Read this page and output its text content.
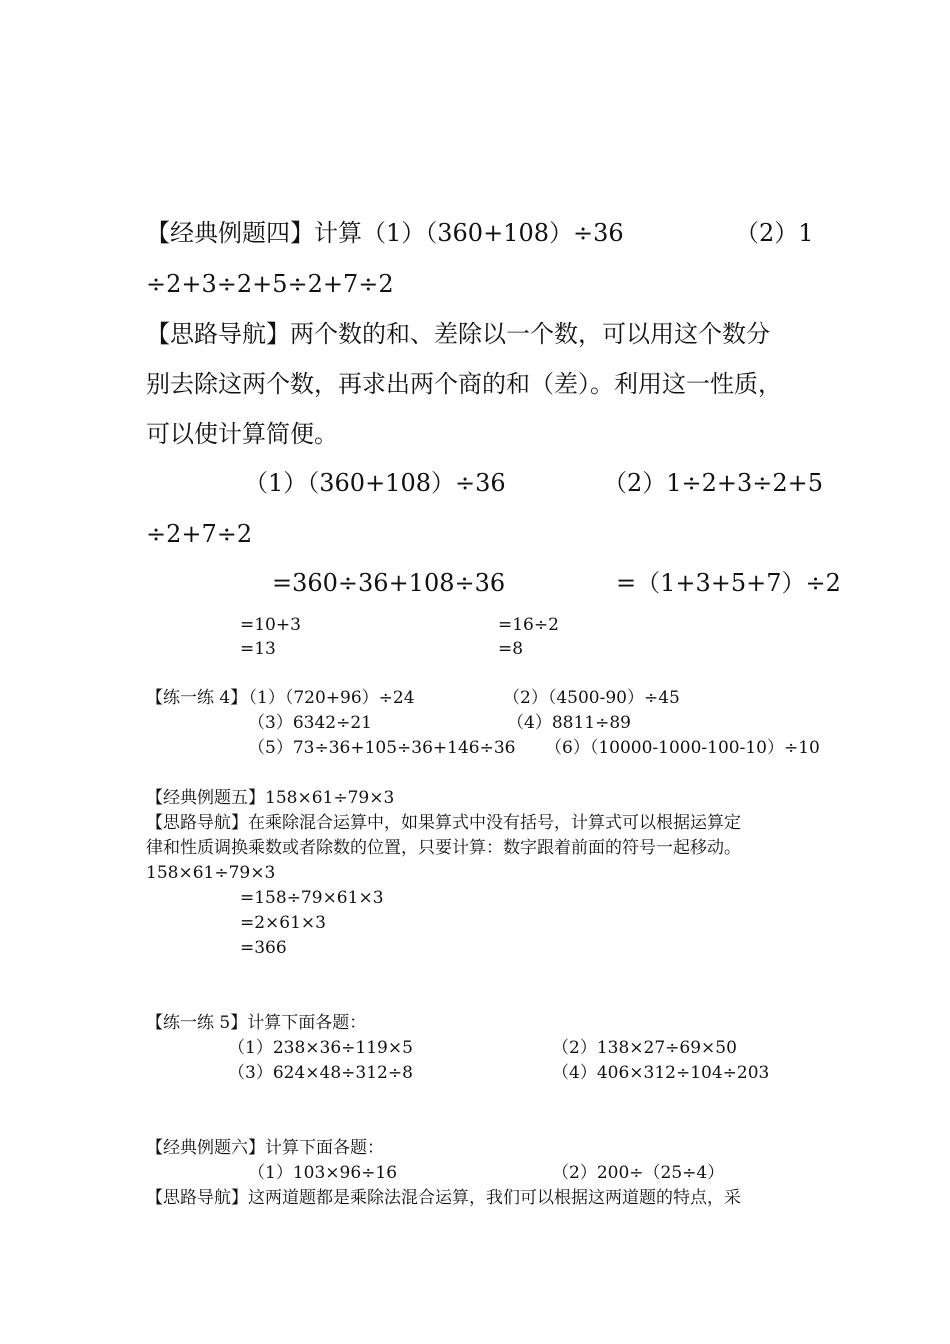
【经典例题四】计算（1）（360+108）÷36	（2）1
÷2+3÷2+5÷2+7÷2
【思路导航】两个数的和、差除以一个数，可以用这个数分
别去除这两个数，再求出两个商的和（差）。利用这一性质，
可以使计算简便。
（1）（360+108）÷36	（2）1÷2+3÷2+5
÷2+7÷2
=360÷36+108÷36	=（1+3+5+7）÷2
=10+3	=16÷2
=13	=8
【练一练 4】
（1）（720+96）÷24	（2）（4500-90）÷45
（3）6342÷21	（4）8811÷89
（5）73÷36+105÷36+146÷36 （6）（10000-1000-100-10）÷10
【经典例题五】158×61÷79×3
【思路导航】在乘除混合运算中，如果算式中没有括号，计算式可以根据运算定
律和性质调换乘数或者除数的位置，只要计算：数字跟着前面的符号一起移动。
158×61÷79×3
=158÷79×61×3
=2×61×3
=366
【练一练 5】计算下面各题：
（1）238×36÷119×5	（2）138×27÷69×50
（3）624×48÷312÷8	（4）406×312÷104÷203
【经典例题六】计算下面各题：
（1）103×96÷16	（2）200÷（25÷4）
【思路导航】这两道题都是乘除法混合运算，我们可以根据这两道题的特点，采
